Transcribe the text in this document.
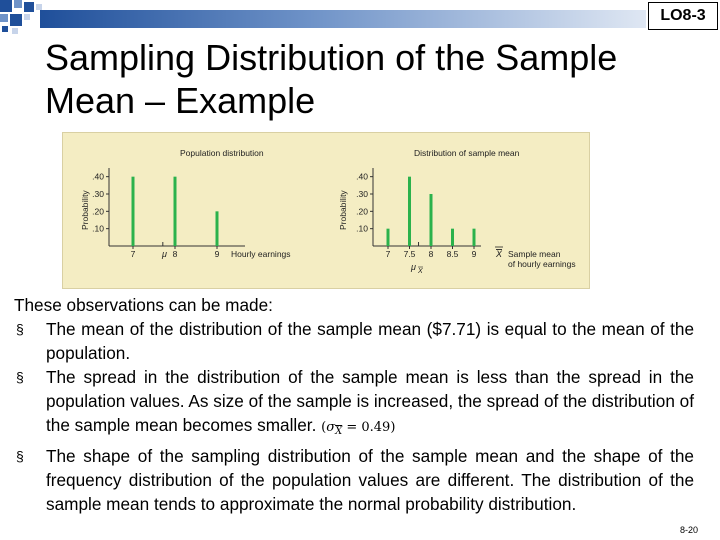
LO8-3
Sampling Distribution of the Sample
Mean – Example
Population distribution
Probability
.40
.30
.20
.10
7	8	9
μ	Hourly earnings
Distribution of sample mean
Probability
.40
.30
.20
.10
7 7.5 8 8.5 9 X Sample mean
of hourly earnings
μ X

These observations can be made:

§ The mean of the distribution of the sample mean ($7.71) is equal to the mean of the population.
§ The spread in the distribution of the sample mean is less than the spread in the population values. As size of the sample is increased, the spread of the distribution of the sample mean becomes smaller. $(\sigma_{\overline{X}} = 0.49)$
§ The shape of the sampling distribution of the sample mean and the shape of the frequency distribution of the population values are different. The distribution of the sample mean tends to approximate the normal probability distribution.
8-20
